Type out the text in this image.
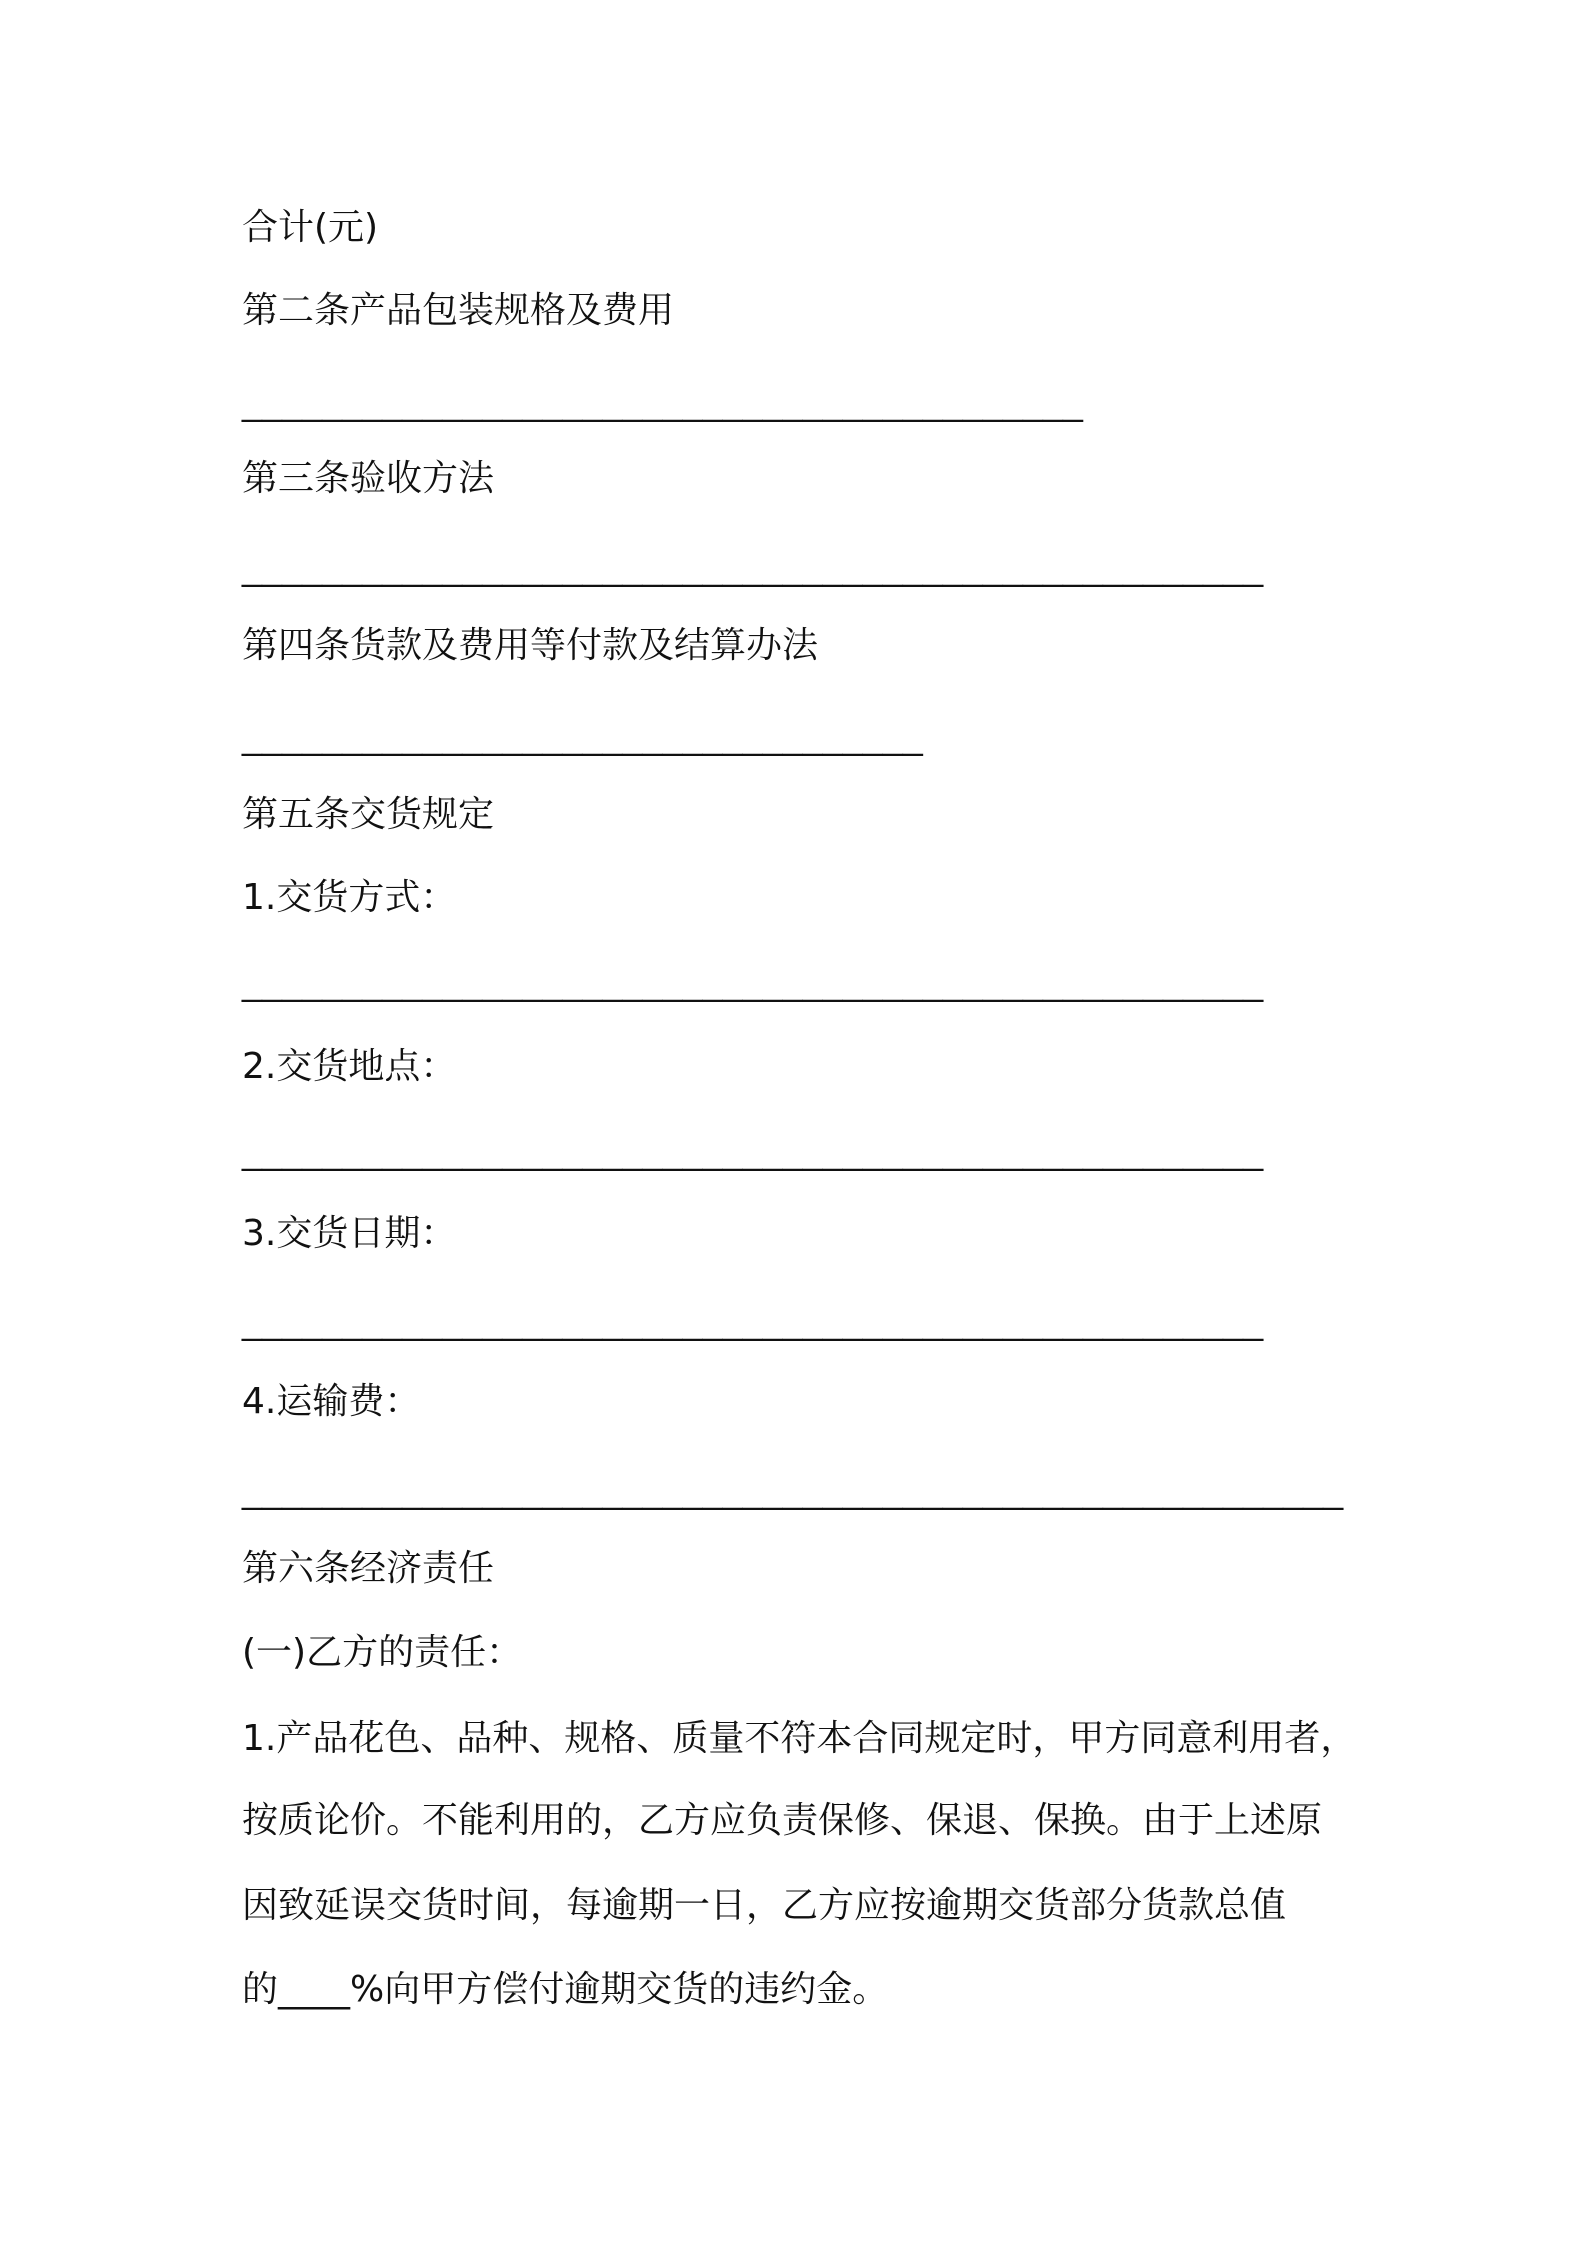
合计(元)
第二条产品包装规格及费用
__________________________________________
第三条验收方法
___________________________________________________
第四条货款及费用等付款及结算办法
__________________________________
第五条交货规定
1.交货方式：
___________________________________________________
2.交货地点：
___________________________________________________
3.交货日期：
___________________________________________________
4.运输费：
_______________________________________________________
第六条经济责任
(一)乙方的责任：
1.产品花色、品种、规格、质量不符本合同规定时，甲方同意利用者，
按质论价。不能利用的，乙方应负责保修、保退、保换。由于上述原
因致延误交货时间，每逾期一日，乙方应按逾期交货部分货款总值
的____%向甲方偿付逾期交货的违约金。
